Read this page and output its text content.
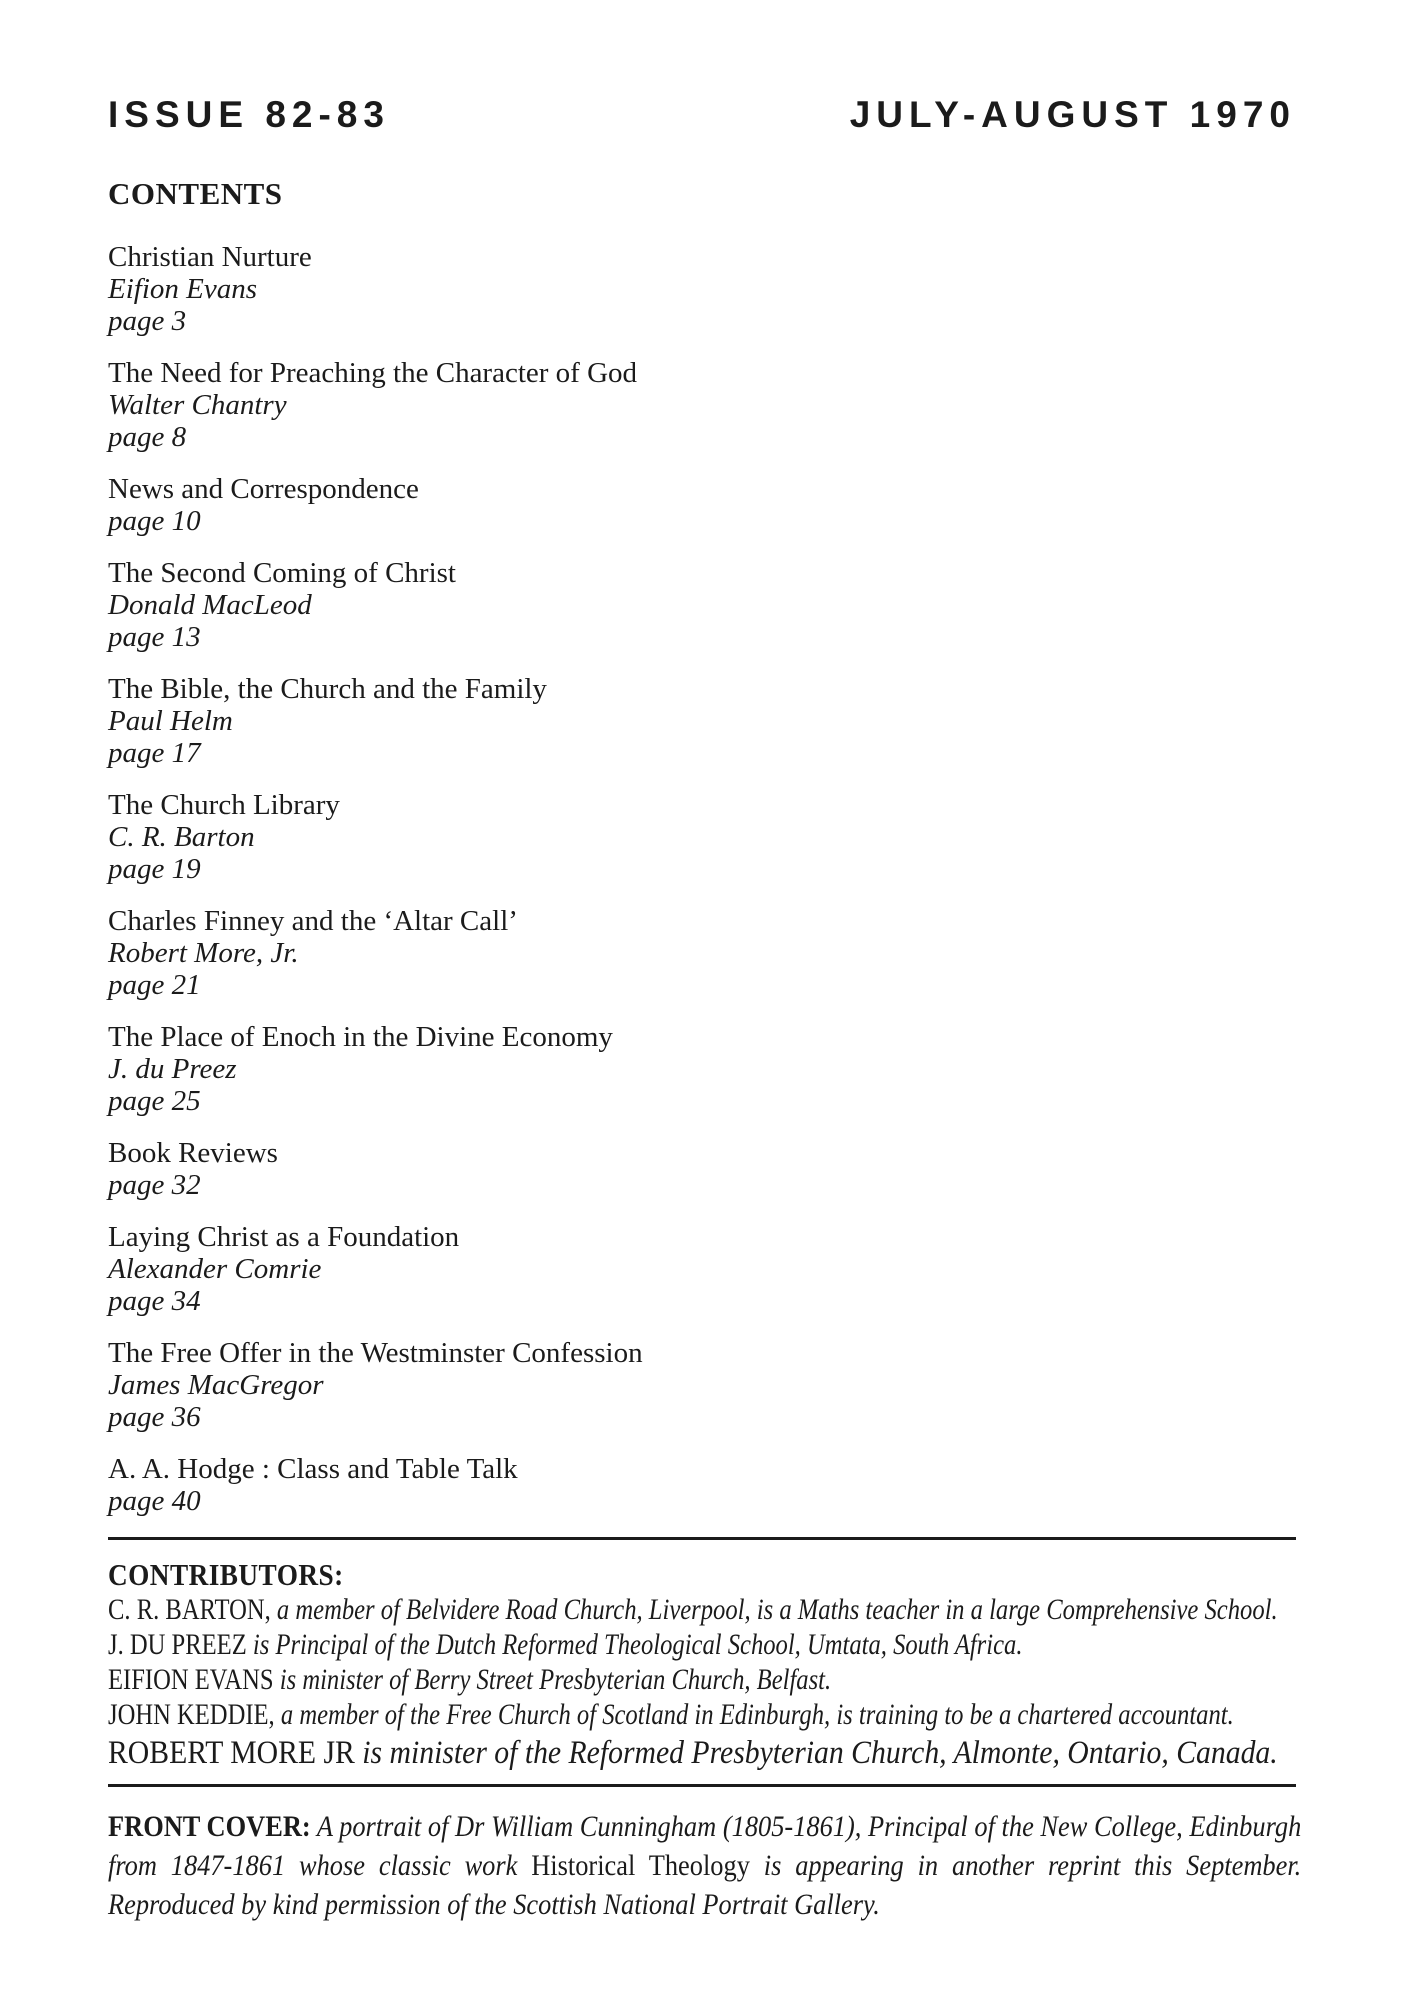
ISSUE 82-83	JULY-AUGUST 1970
CONTENTS
Christian Nurture
Eifion Evans
page 3
The Need for Preaching the Character of God
Walter Chantry
page 8
News and Correspondence
page 10
The Second Coming of Christ
Donald MacLeod
page 13
The Bible, the Church and the Family
Paul Helm
page 17
The Church Library
C. R. Barton
page 19
Charles Finney and the ‘Altar Call’
Robert More, Jr.
page 21
The Place of Enoch in the Divine Economy
J. du Preez
page 25
Book Reviews
page 32
Laying Christ as a Foundation
Alexander Comrie
page 34
The Free Offer in the Westminster Confession
James MacGregor
page 36
A. A. Hodge : Class and Table Talk
page 40
CONTRIBUTORS:
C. R. BARTON, a member of Belvidere Road Church, Liverpool, is a Maths teacher in a large Comprehensive School.
J. DU PREEZ is Principal of the Dutch Reformed Theological School, Umtata, South Africa.
EIFION EVANS is minister of Berry Street Presbyterian Church, Belfast.
JOHN KEDDIE, a member of the Free Church of Scotland in Edinburgh, is training to be a chartered accountant.
ROBERT MORE JR is minister of the Reformed Presbyterian Church, Almonte, Ontario, Canada.

FRONT COVER: A portrait of Dr William Cunningham (1805-1861), Principal of the New College, Edinburgh from 1847-1861 whose classic work Historical Theology is appearing in another reprint this September. Reproduced by kind permission of the Scottish National Portrait Gallery.
